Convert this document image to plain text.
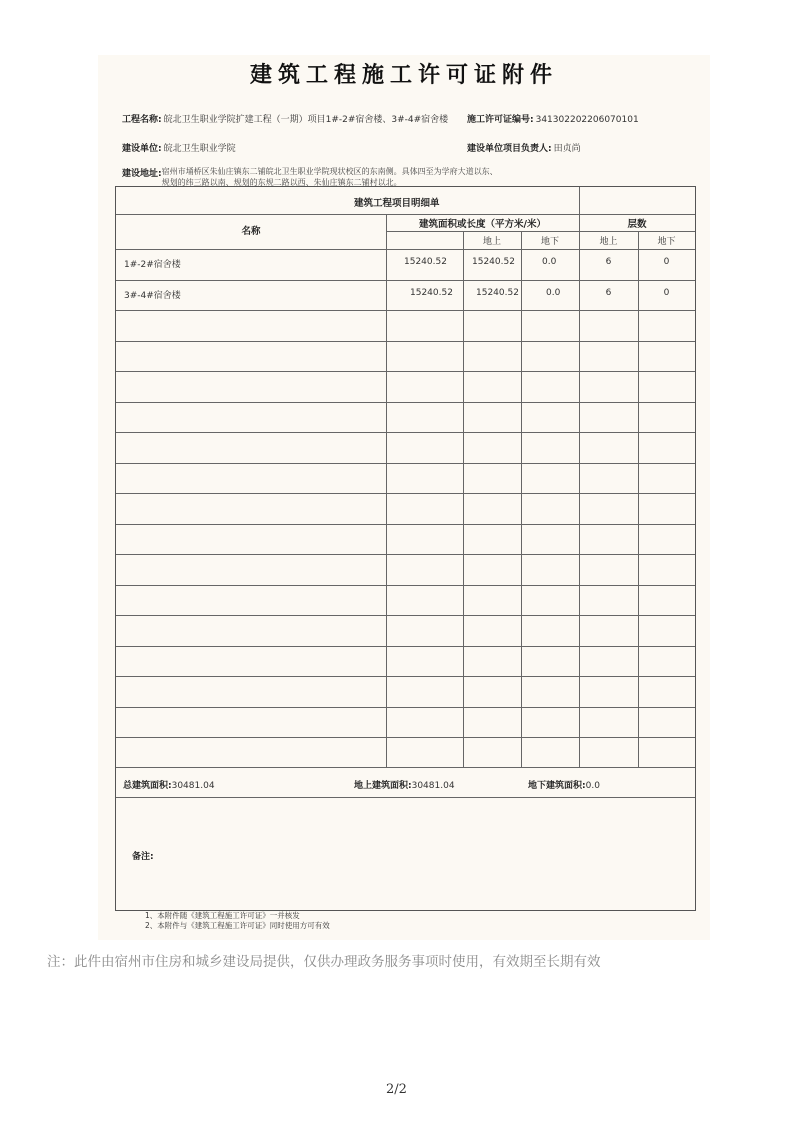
建筑工程施工许可证附件
工程名称: 皖北卫生职业学院扩建工程（一期）项目1#-2#宿舍楼、3#-4#宿舍楼 施工许可证编号: 341302202206070101
建设单位: 皖北卫生职业学院	建设单位项目负责人: 田贞尚
建设地址:宿州市埇桥区朱仙庄镇东二铺皖北卫生职业学院现状校区的东南侧。具体四至为学府大道以东、规划的纬三路以南、规划的东规二路以西、朱仙庄镇东二铺村以北。
建筑工程项目明细单
名称
建筑面积或长度（平方米/米）	层数
地上	地下	地上	地下
1#-2#宿舍楼	15240.52	15240.52	0.0	6	0
3#-4#宿舍楼	15240.52	15240.52	0.0	6	0
总建筑面积:30481.04	地上建筑面积:30481.04	地下建筑面积:0.0
备注:
1、本附件随《建筑工程施工许可证》一并核发
2、本附件与《建筑工程施工许可证》同时使用方可有效
注：此件由宿州市住房和城乡建设局提供，仅供办理政务服务事项时使用，有效期至长期有效
2/2
